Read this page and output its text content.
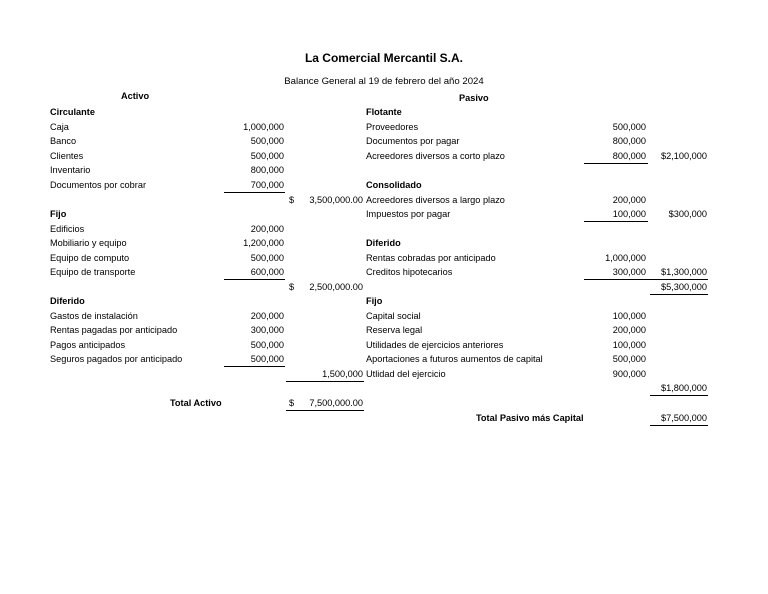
La Comercial Mercantil S.A.
Balance General al 19 de febrero del año 2024
Activo	Pasivo
Circulante
Caja	1,000,000
Banco	500,000
Clientes	500,000
Inventario	800,000
Documentos por cobrar	700,000
$ 3,500,000.00
Fijo
Edificios	200,000
Mobiliario y equipo	1,200,000
Equipo de computo	500,000
Equipo de transporte	600,000
$ 2,500,000.00
Diferido
Gastos de instalación	200,000
Rentas pagadas por anticipado	300,000
Pagos anticipados	500,000
Seguros pagados por anticipado	500,000
1,500,000
Total Activo	$ 7,500,000.00
Flotante
Proveedores	500,000
Documentos por pagar	800,000
Acreedores diversos a corto plazo	800,000	$2,100,000
Consolidado
Acreedores diversos a largo plazo	200,000
Impuestos por pagar	100,000	$300,000
Diferido
Rentas cobradas por anticipado	1,000,000
Creditos hipotecarios	300,000	$1,300,000
$5,300,000
Fijo
Capital social	100,000
Reserva legal	200,000
Utilidades de ejercicios anteriores	100,000
Aportaciones a futuros aumentos de capital	500,000
Utlidad del ejercicio	900,000
$1,800,000
Total Pasivo más Capital	$7,500,000
